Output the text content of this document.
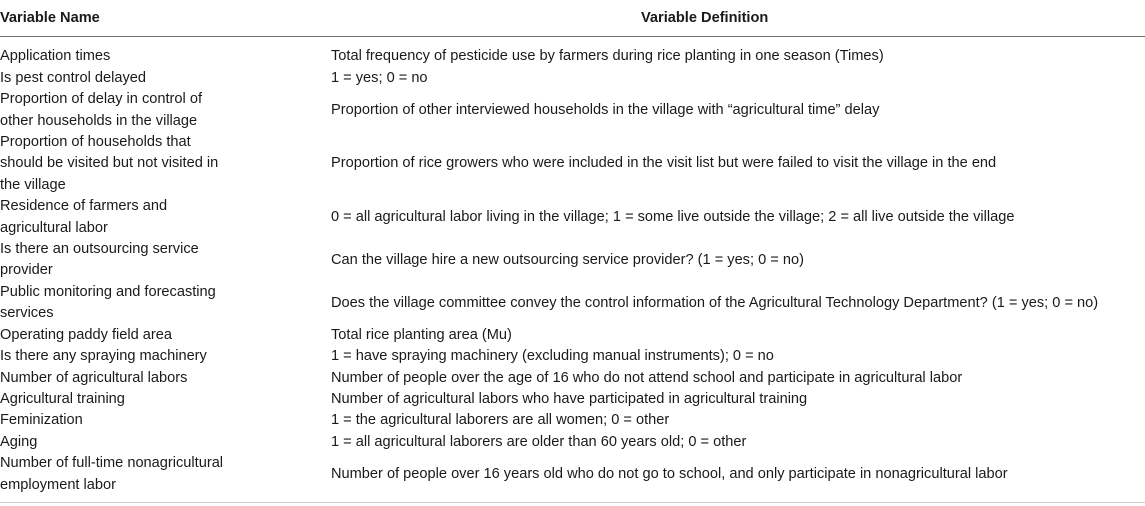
Variable Name	Variable Definition
Application times	Total frequency of pesticide use by farmers during rice planting in one season (Times)
Is pest control delayed	1 = yes; 0 = no
Proportion of delay in control of other households in the village	Proportion of other interviewed households in the village with “agricultural time” delay
Proportion of households that should be visited but not visited in the village	Proportion of rice growers who were included in the visit list but were failed to visit the village in the end
Residence of farmers and agricultural labor	0 = all agricultural labor living in the village; 1 = some live outside the village; 2 = all live outside the village
Is there an outsourcing service provider	Can the village hire a new outsourcing service provider? (1 = yes; 0 = no)
Public monitoring and forecasting services	Does the village committee convey the control information of the Agricultural Technology Department? (1 = yes; 0 = no)
Operating paddy field area	Total rice planting area (Mu)
Is there any spraying machinery	1 = have spraying machinery (excluding manual instruments); 0 = no
Number of agricultural labors	Number of people over the age of 16 who do not attend school and participate in agricultural labor
Agricultural training	Number of agricultural labors who have participated in agricultural training
Feminization	1 = the agricultural laborers are all women; 0 = other
Aging	1 = all agricultural laborers are older than 60 years old; 0 = other
Number of full-time nonagricultural employment labor	Number of people over 16 years old who do not go to school, and only participate in nonagricultural labor
